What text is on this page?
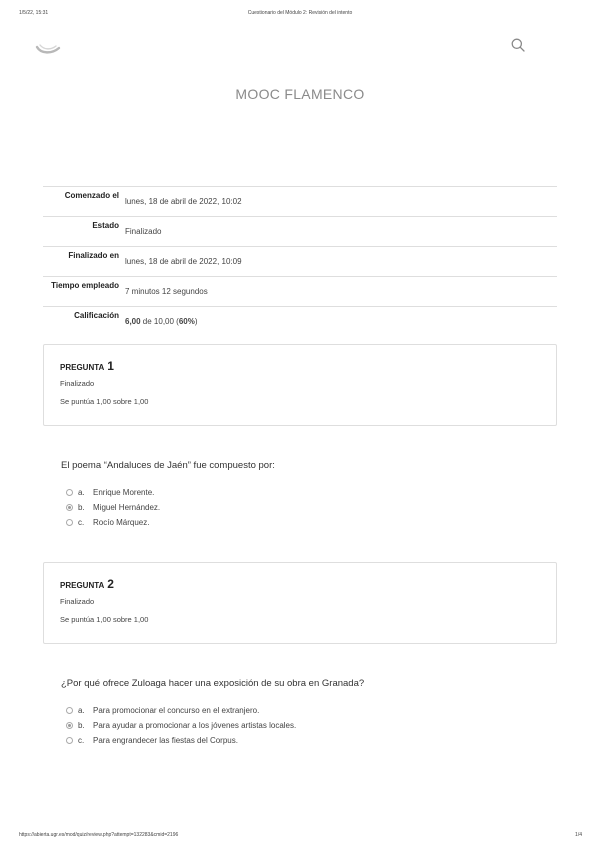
1/5/22, 15:31	Cuestionario del Módulo 2: Revisión del intento
MOOC FLAMENCO
Comenzado el	lunes, 18 de abril de 2022, 10:02
Estado	Finalizado
Finalizado en	lunes, 18 de abril de 2022, 10:09
Tiempo empleado	7 minutos 12 segundos
Calificación	6,00 de 10,00 (60%)
PREGUNTA 1
Finalizado
Se puntúa 1,00 sobre 1,00
El poema “Andaluces de Jaén” fue compuesto por:
a.	Enrique Morente.
b.	Miguel Hernández.
c.	Rocío Márquez.
PREGUNTA 2
Finalizado
Se puntúa 1,00 sobre 1,00
¿Por qué ofrece Zuloaga hacer una exposición de su obra en Granada?
a.	Para promocionar el concurso en el extranjero.
b.	Para ayudar a promocionar a los jóvenes artistas locales.
c.	Para engrandecer las fiestas del Corpus.
https://abierta.ugr.es/mod/quiz/review.php?attempt=132283&cmid=2196	1/4
